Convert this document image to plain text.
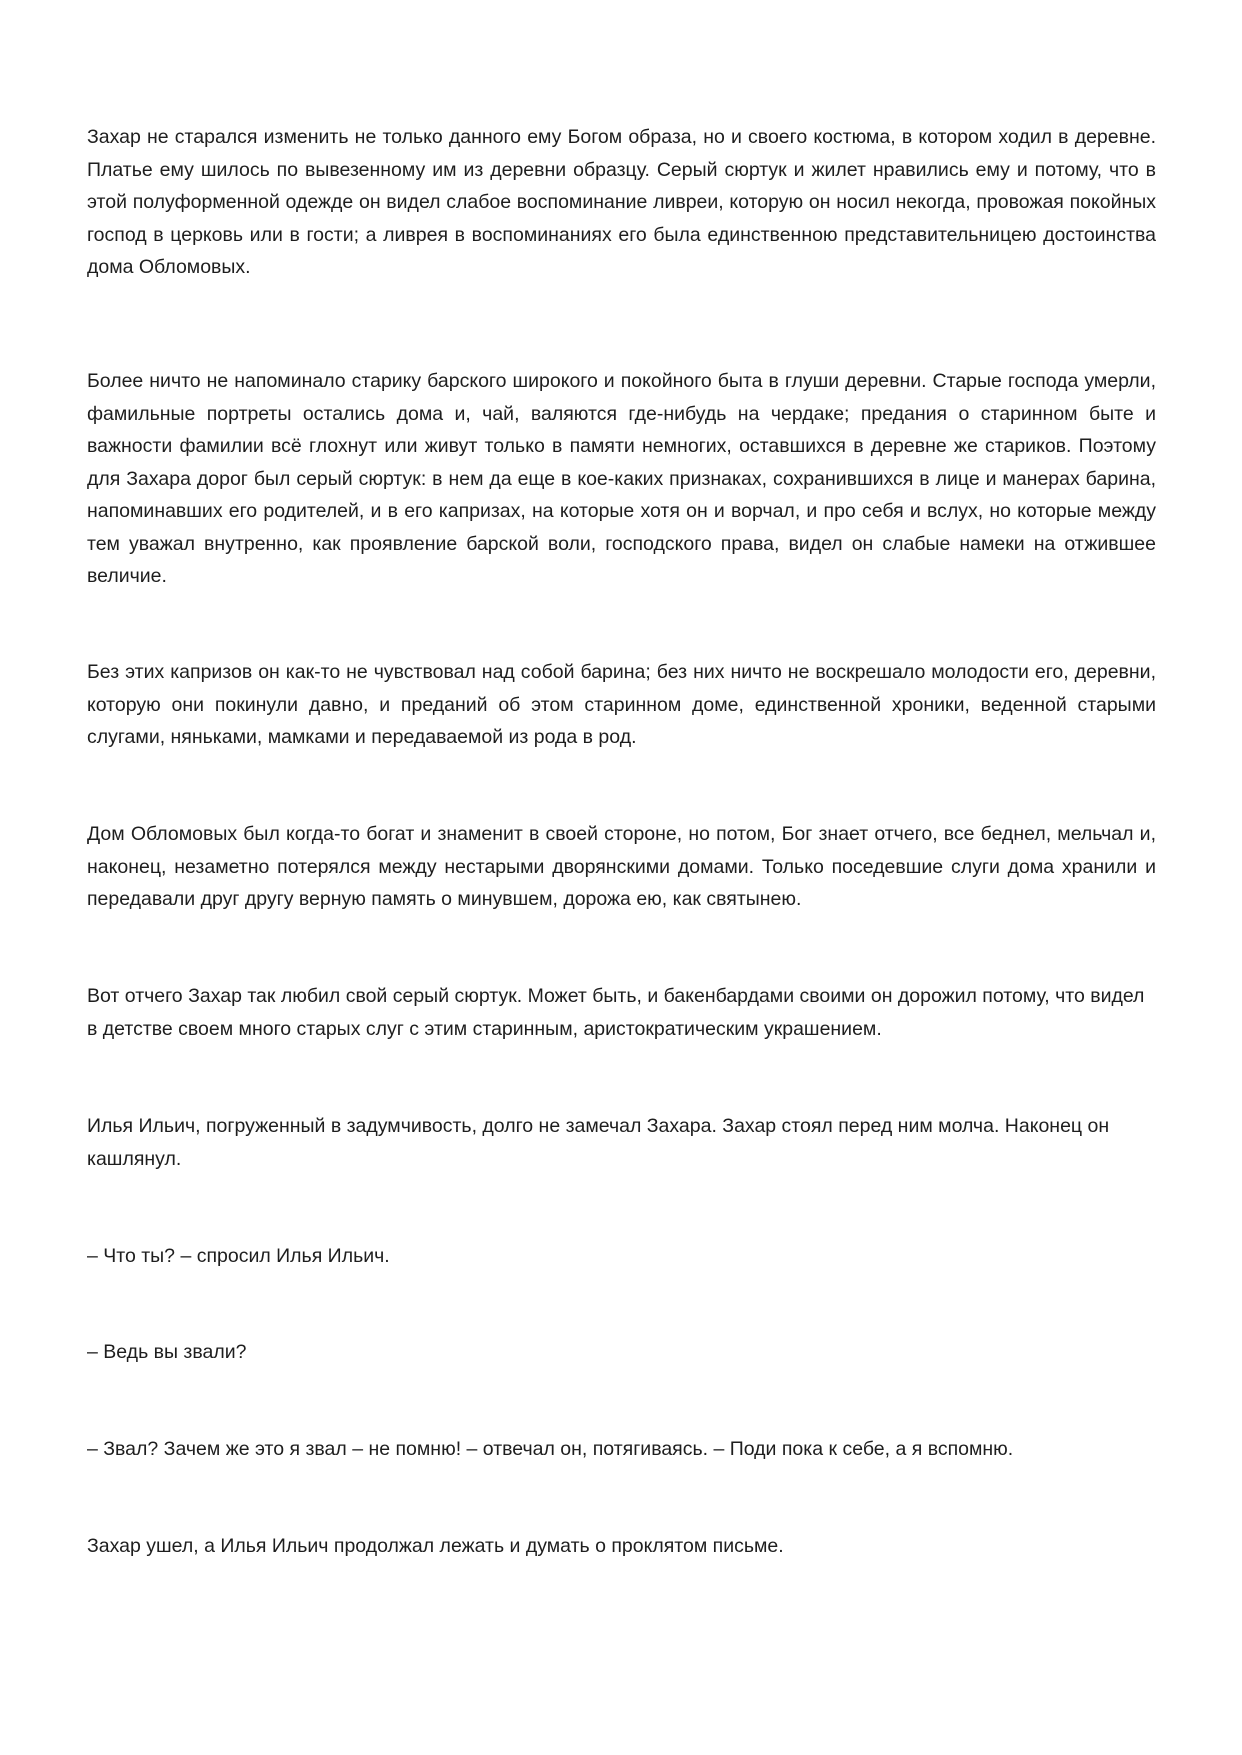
Захар не старался изменить не только данного ему Богом образа, но и своего костюма, в котором ходил в деревне. Платье ему шилось по вывезенному им из деревни образцу. Серый сюртук и жилет нравились ему и потому, что в этой полуформенной одежде он видел слабое воспоминание ливреи, которую он носил некогда, провожая покойных господ в церковь или в гости; а ливрея в воспоминаниях его была единственною представительницею достоинства дома Обломовых.

Более ничто не напоминало старику барского широкого и покойного быта в глуши деревни. Старые господа умерли, фамильные портреты остались дома и, чай, валяются где-нибудь на чердаке; предания о старинном быте и важности фамилии всё глохнут или живут только в памяти немногих, оставшихся в деревне же стариков. Поэтому для Захара дорог был серый сюртук: в нем да еще в кое-каких признаках, сохранившихся в лице и манерах барина, напоминавших его родителей, и в его капризах, на которые хотя он и ворчал, и про себя и вслух, но которые между тем уважал внутренно, как проявление барской воли, господского права, видел он слабые намеки на отжившее величие.

Без этих капризов он как-то не чувствовал над собой барина; без них ничто не воскрешало молодости его, деревни, которую они покинули давно, и преданий об этом старинном доме, единственной хроники, веденной старыми слугами, няньками, мамками и передаваемой из рода в род.

Дом Обломовых был когда-то богат и знаменит в своей стороне, но потом, Бог знает отчего, все беднел, мельчал и, наконец, незаметно потерялся между нестарыми дворянскими домами. Только поседевшие слуги дома хранили и передавали друг другу верную память о минувшем, дорожа ею, как святынею.

Вот отчего Захар так любил свой серый сюртук. Может быть, и бакенбардами своими он дорожил потому, что видел в детстве своем много старых слуг с этим старинным, аристократическим украшением.

Илья Ильич, погруженный в задумчивость, долго не замечал Захара. Захар стоял перед ним молча. Наконец он кашлянул.

– Что ты? – спросил Илья Ильич.

– Ведь вы звали?

– Звал? Зачем же это я звал – не помню! – отвечал он, потягиваясь. – Поди пока к себе, а я вспомню.

Захар ушел, а Илья Ильич продолжал лежать и думать о проклятом письме.
